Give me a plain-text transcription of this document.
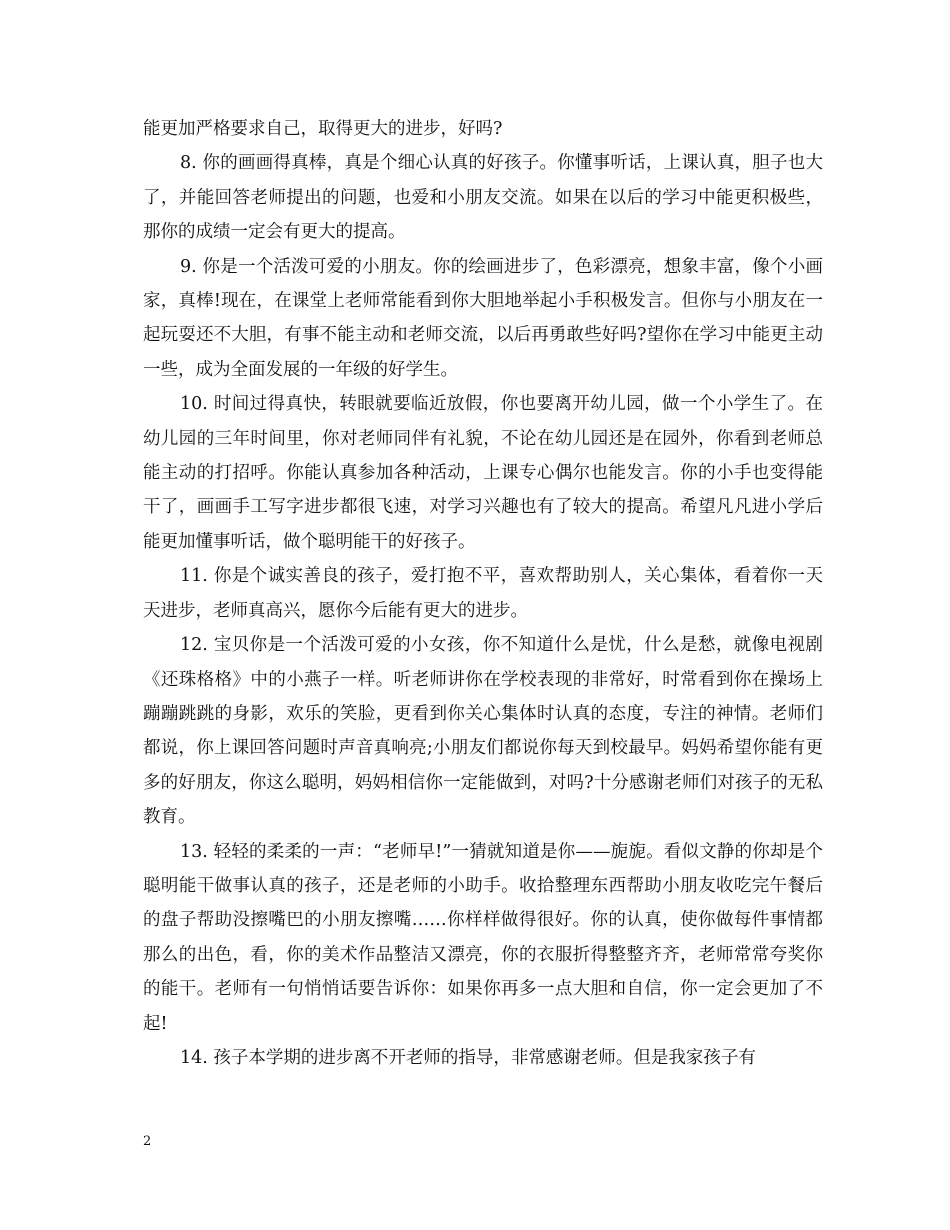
能更加严格要求自己，取得更大的进步，好吗?

8. 你的画画得真棒，真是个细心认真的好孩子。你懂事听话，上课认真，胆子也大了，并能回答老师提出的问题，也爱和小朋友交流。如果在以后的学习中能更积极些，那你的成绩一定会有更大的提高。

9. 你是一个活泼可爱的小朋友。你的绘画进步了，色彩漂亮，想象丰富，像个小画家，真棒!现在，在课堂上老师常能看到你大胆地举起小手积极发言。但你与小朋友在一起玩耍还不大胆，有事不能主动和老师交流，以后再勇敢些好吗?望你在学习中能更主动一些，成为全面发展的一年级的好学生。

10. 时间过得真快，转眼就要临近放假，你也要离开幼儿园，做一个小学生了。在幼儿园的三年时间里，你对老师同伴有礼貌，不论在幼儿园还是在园外，你看到老师总能主动的打招呼。你能认真参加各种活动，上课专心偶尔也能发言。你的小手也变得能干了，画画手工写字进步都很飞速，对学习兴趣也有了较大的提高。希望凡凡进小学后能更加懂事听话，做个聪明能干的好孩子。

11. 你是个诚实善良的孩子，爱打抱不平，喜欢帮助别人，关心集体，看着你一天天进步，老师真高兴，愿你今后能有更大的进步。

12. 宝贝你是一个活泼可爱的小女孩，你不知道什么是忧，什么是愁，就像电视剧《还珠格格》中的小燕子一样。听老师讲你在学校表现的非常好，时常看到你在操场上蹦蹦跳跳的身影，欢乐的笑脸，更看到你关心集体时认真的态度，专注的神情。老师们都说，你上课回答问题时声音真响亮;小朋友们都说你每天到校最早。妈妈希望你能有更多的好朋友，你这么聪明，妈妈相信你一定能做到，对吗?十分感谢老师们对孩子的无私教育。

13. 轻轻的柔柔的一声：“老师早!”一猜就知道是你——旎旎。看似文静的你却是个聪明能干做事认真的孩子，还是老师的小助手。收拾整理东西帮助小朋友收吃完午餐后的盘子帮助没擦嘴巴的小朋友擦嘴……你样样做得很好。你的认真，使你做每件事情都那么的出色，看，你的美术作品整洁又漂亮，你的衣服折得整整齐齐，老师常常夸奖你的能干。老师有一句悄悄话要告诉你：如果你再多一点大胆和自信，你一定会更加了不起!

14. 孩子本学期的进步离不开老师的指导，非常感谢老师。但是我家孩子有

2
